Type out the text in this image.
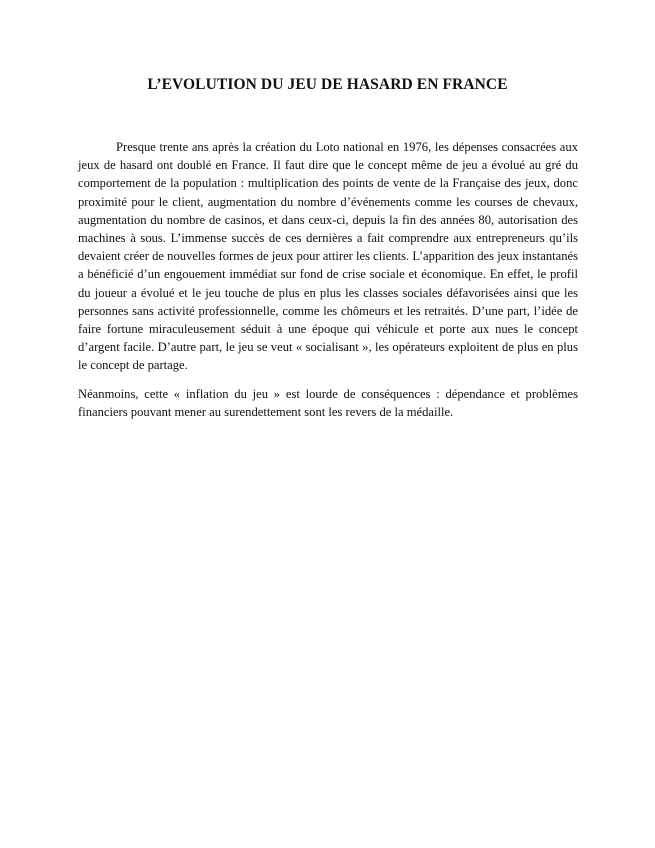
L’EVOLUTION DU JEU DE HASARD EN FRANCE

Presque trente ans après la création du Loto national en 1976, les dépenses consacrées aux jeux de hasard ont doublé en France. Il faut dire que le concept même de jeu a évolué au gré du comportement de la population : multiplication des points de vente de la Française des jeux, donc proximité pour le client, augmentation du nombre d’événements comme les courses de chevaux, augmentation du nombre de casinos, et dans ceux-ci, depuis la fin des années 80, autorisation des machines à sous. L’immense succès de ces dernières a fait comprendre aux entrepreneurs qu’ils devaient créer de nouvelles formes de jeux pour attirer les clients. L’apparition des jeux instantanés a bénéficié d’un engouement immédiat sur fond de crise sociale et économique. En effet, le profil du joueur a évolué et le jeu touche de plus en plus les classes sociales défavorisées ainsi que les personnes sans activité professionnelle, comme les chômeurs et les retraités. D’une part, l’idée de faire fortune miraculeusement séduit à une époque qui véhicule et porte aux nues le concept d’argent facile. D’autre part, le jeu se veut « socialisant », les opérateurs exploitent de plus en plus le concept de partage.

Néanmoins, cette « inflation du jeu » est lourde de conséquences : dépendance et problèmes financiers pouvant mener au surendettement sont les revers de la médaille.
